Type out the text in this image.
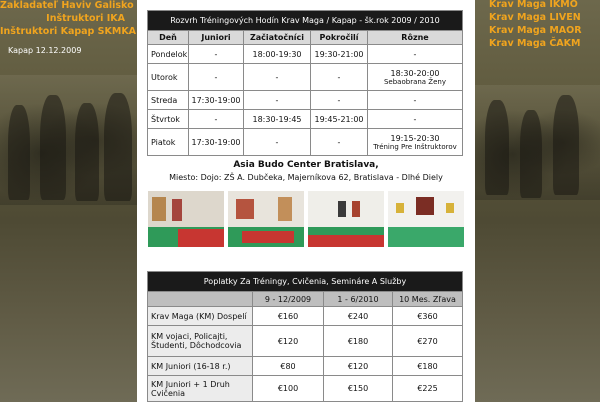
Zakladateľ Haviv Galisko
Inštruktori IKA
Inštruktori Kapap SKMKA
Kapap 12.12.2009
Krav Maga IKMO
Krav Maga LIVEN
Krav Maga MAOR
Krav Maga ČAKM
Rozvrh Tréningových Hodín Krav Maga / Kapap - šk.rok 2009 / 2010				
Deň	Juniori	Začiatočníci	Pokročilí	Rôzne
Pondelok	-	18:00-19:30	19:30-21:00	-
Utorok	-	-	-	18:30-20:00
Sebaobrana Ženy

Streda	17:30-19:00	-	-	-
Štvrtok	-	18:30-19:45	19:45-21:00	-
Piatok	17:30-19:00	-	-	19:15-20:30
Tréning Pre Inštruktorov
Asia Budo Center Bratislava,
Miesto: Dojo: ZŠ A. Dubčeka, Majerníkova 62, Bratislava - Dlhé Diely
Poplatky Za Tréningy, Cvičenia, Semináre A Služby			
	9 - 12/2009	1 - 6/2010	10 Mes. Zľava
Krav Maga (KM) Dospelí	€160	€240	€360
KM vojaci, Policajti, Študenti, Dôchodcovia	€120	€180	€270
KM Juniori (16-18 r.)	€80	€120	€180
KM Juniori + 1 Druh Cvičenia	€100	€150	€225
